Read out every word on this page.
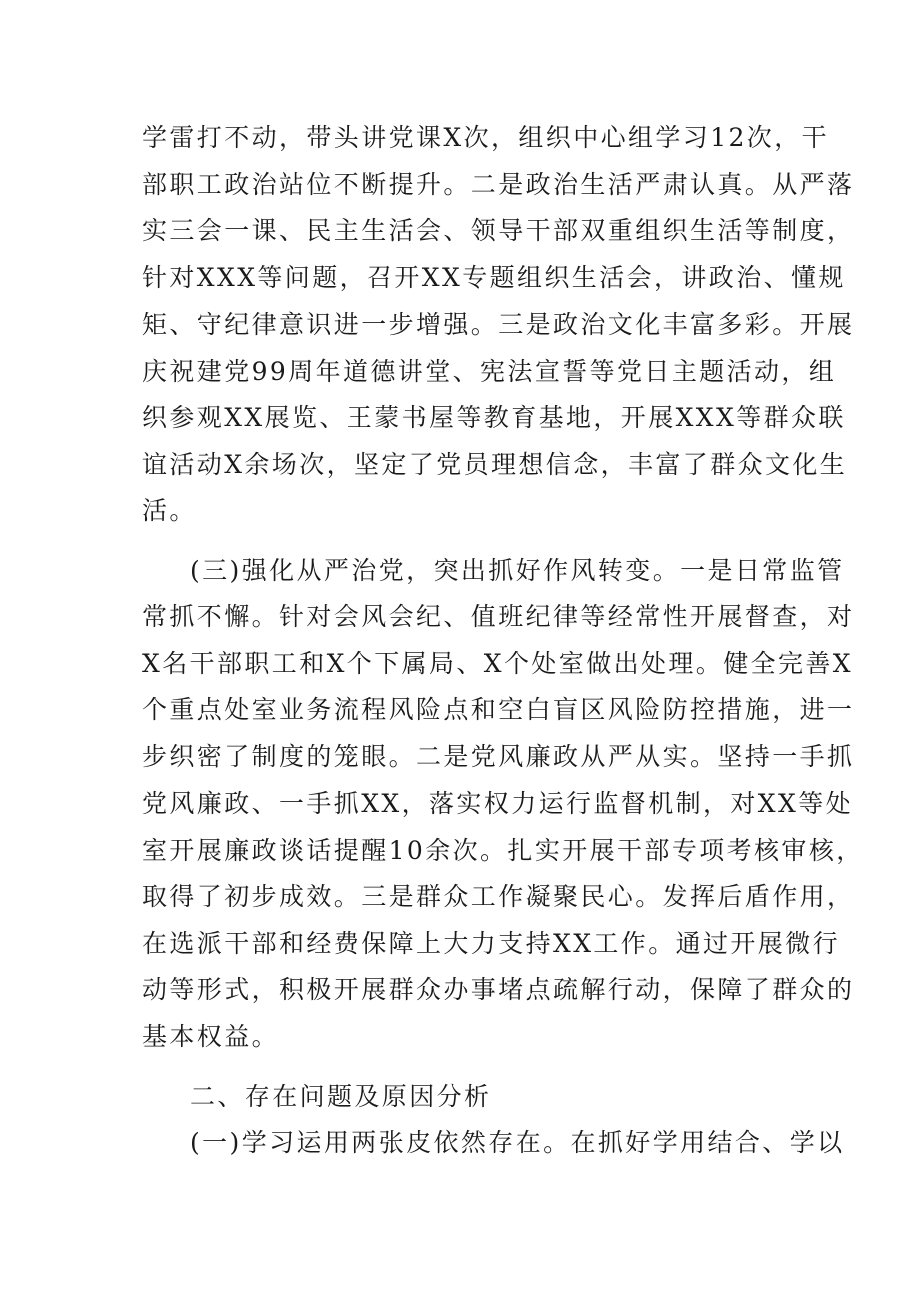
学雷打不动，带头讲党课X次，组织中心组学习12次，干
部职工政治站位不断提升。二是政治生活严肃认真。从严落
实三会一课、民主生活会、领导干部双重组织生活等制度，
针对XXX等问题，召开XX专题组织生活会，讲政治、懂规
矩、守纪律意识进一步增强。三是政治文化丰富多彩。开展
庆祝建党99周年道德讲堂、宪法宣誓等党日主题活动，组
织参观XX展览、王蒙书屋等教育基地，开展XXX等群众联
谊活动X余场次，坚定了党员理想信念，丰富了群众文化生
活。
(三)强化从严治党，突出抓好作风转变。一是日常监管
常抓不懈。针对会风会纪、值班纪律等经常性开展督查，对
X名干部职工和X个下属局、X个处室做出处理。健全完善X
个重点处室业务流程风险点和空白盲区风险防控措施，进一
步织密了制度的笼眼。二是党风廉政从严从实。坚持一手抓
党风廉政、一手抓XX，落实权力运行监督机制，对XX等处
室开展廉政谈话提醒10余次。扎实开展干部专项考核审核，
取得了初步成效。三是群众工作凝聚民心。发挥后盾作用，
在选派干部和经费保障上大力支持XX工作。通过开展微行
动等形式，积极开展群众办事堵点疏解行动，保障了群众的
基本权益。
二、存在问题及原因分析
(一)学习运用两张皮依然存在。在抓好学用结合、学以
